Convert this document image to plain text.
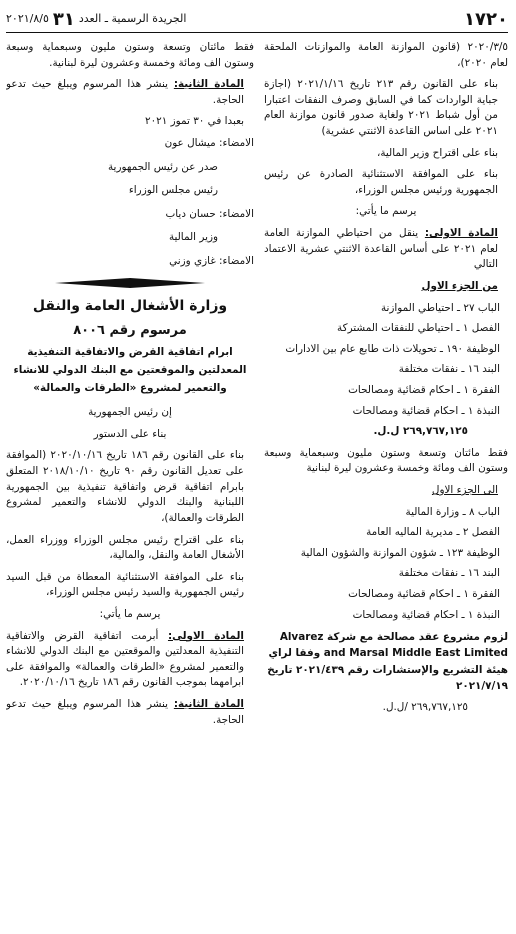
١٧٢٠
الجريدة الرسمية ـ العدد
٣١
٢٠٢١/٨/٥

٢٠٢٠/٣/٥ (قانون الموازنة العامة والموازنات الملحقة لعام ٢٠٢٠)،

بناء على القانون رقم ٢١٣ تاريخ ٢٠٢١/١/١٦ (اجازة جباية الواردات كما في السابق وصرف النفقات اعتبارا من أول شباط ٢٠٢١ ولغاية صدور قانون موازنة العام ٢٠٢١ على اساس القاعدة الاثنتي عشرية)

بناء على اقتراح وزير المالية،

بناء على الموافقة الاستثنائية الصادرة عن رئيس الجمهورية ورئيس مجلس الوزراء،

يرسم ما يأتي:

المادة الاولى: ينقل من احتياطي الموازنة العامة لعام ٢٠٢١ على أساس القاعدة الاثنتي عشرية الاعتماد التالي

من الجزء الاول

الباب ٢٧ ـ احتياطي الموازنة

الفصل ١ ـ احتياطي للنفقات المشتركة

الوظيفة ١٩٠ ـ تحويلات ذات طابع عام بين الادارات

البند ١٦ ـ نفقات مختلفة

الفقرة ١ ـ احكام قضائية ومصالحات

النبذة ١ ـ احكام قضائية ومصالحات

٢٦٩,٧٦٧,١٢٥ ل.ل.

فقط مائتان وتسعة وستون مليون وسبعماية وسبعة وستون الف ومائة وخمسة وعشرون ليرة لبنانية

الى الجزء الاول

الباب ٨ ـ وزارة المالية

الفصل ٢ ـ مديرية الماليه العامة

الوظيفة ١٢٣ ـ شؤون الموازنة والشؤون المالية

البند ١٦ ـ نفقات مختلفة

الفقرة ١ ـ احكام قضائية ومصالحات

النبذة ١ ـ احكام قضائية ومصالحات

لزوم مشروع عقد مصالحة مع شركة Alvarez and Marsal Middle East Limited وفقا لراي هيئة التشريع والإستشارات رقم ٢٠٢١/٤٣٩ تاريخ ٢٠٢١/٧/١٩

٢٦٩,٧٦٧,١٢٥ /ل.ل.

فقط مائتان وتسعة وستون مليون وسبعماية وسبعة وستون الف ومائة وخمسة وعشرون ليرة لبنانية.

المادة الثانية: ينشر هذا المرسوم ويبلغ حيث تدعو الحاجة.

بعبدا في ٣٠ تموز ٢٠٢١

الامضاء: ميشال عون

صدر عن رئيس الجمهورية

رئيس مجلس الوزراء

الامضاء: حسان دياب

وزير المالية

الامضاء: غازي وزني

وزارة الأشغال العامة والنقل

مرسوم رقم ٨٠٠٦

ابرام اتفاقية القرض والاتفاقية التنفيذية المعدلتين والموقعتين مع البنك الدولي للانشاء والتعمير لمشروع «الطرقات والعمالة»

إن رئيس الجمهورية

بناء على الدستور

بناء على القانون رقم ١٨٦ تاريخ ٢٠٢٠/١٠/١٦ (الموافقة على تعديل القانون رقم ٩٠ تاريخ ٢٠١٨/١٠/١٠ المتعلق بابرام اتفاقية قرض واتفاقية تنفيذية بين الجمهورية اللبنانية والبنك الدولي للانشاء والتعمير لمشروع الطرقات والعمالة)،

بناء على اقتراح رئيس مجلس الوزراء ووزراء العمل، الأشغال العامة والنقل، والمالية،

بناء على الموافقة الاستثنائية المعطاة من قبل السيد رئيس الجمهورية والسيد رئيس مجلس الوزراء،

يرسم ما يأتي:

المادة الاولى: أبرمت اتفاقية القرض والاتفاقية التنفيذية المعدلتين والموقعتين مع البنك الدولي للانشاء والتعمير لمشروع «الطرقات والعمالة» والموافقة على ابرامهما بموجب القانون رقم ١٨٦ تاريخ ٢٠٢٠/١٠/١٦.

المادة الثانية: ينشر هذا المرسوم ويبلغ حيث تدعو الحاجة.
